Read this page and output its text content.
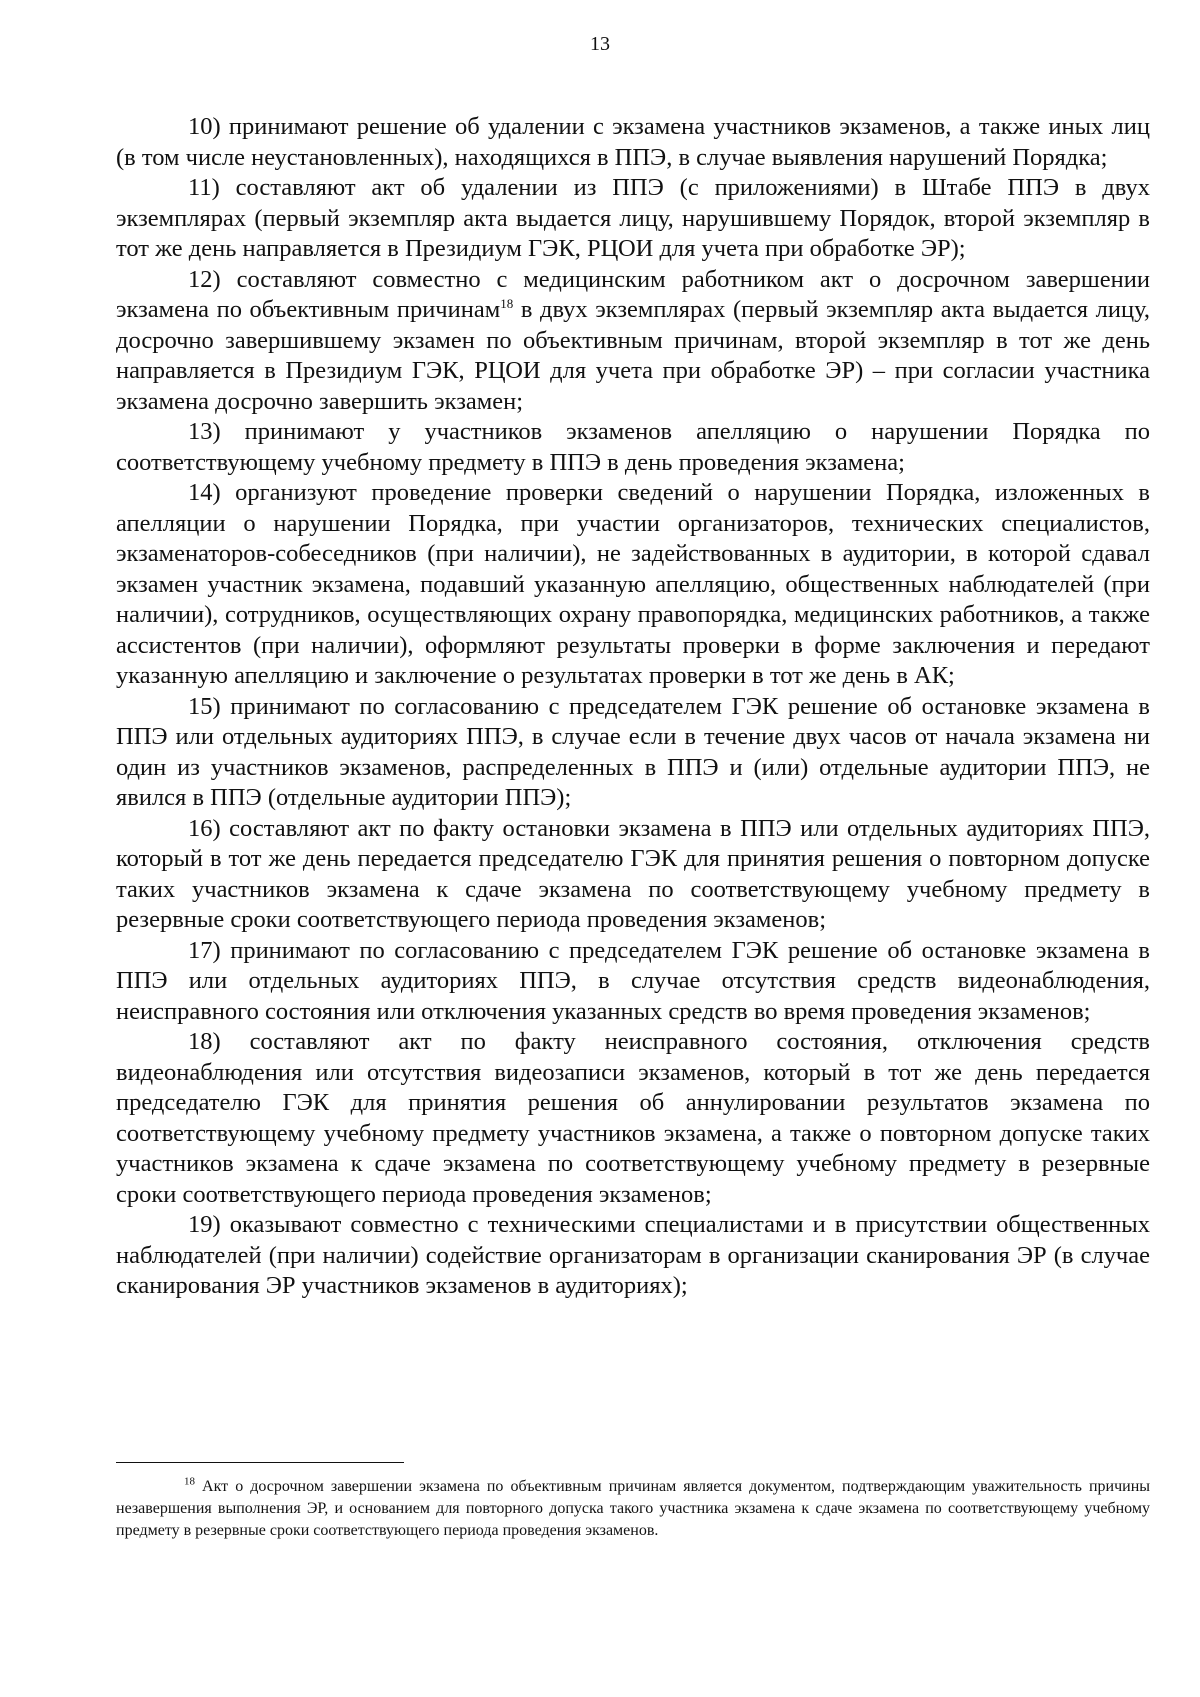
13

10) принимают решение об удалении с экзамена участников экзаменов, а также иных лиц (в том числе неустановленных), находящихся в ППЭ, в случае выявления нарушений Порядка;

11) составляют акт об удалении из ППЭ (с приложениями) в Штабе ППЭ в двух экземплярах (первый экземпляр акта выдается лицу, нарушившему Порядок, второй экземпляр в тот же день направляется в Президиум ГЭК, РЦОИ для учета при обработке ЭР);

12) составляют совместно с медицинским работником акт о досрочном завершении экзамена по объективным причинам$^{18}$ в двух экземплярах (первый экземпляр акта выдается лицу, досрочно завершившему экзамен по объективным причинам, второй экземпляр в тот же день направляется в Президиум ГЭК, РЦОИ для учета при обработке ЭР) – при согласии участника экзамена досрочно завершить экзамен;

13) принимают у участников экзаменов апелляцию о нарушении Порядка по соответствующему учебному предмету в ППЭ в день проведения экзамена;

14) организуют проведение проверки сведений о нарушении Порядка, изложенных в апелляции о нарушении Порядка, при участии организаторов, технических специалистов, экзаменаторов-собеседников (при наличии), не задействованных в аудитории, в которой сдавал экзамен участник экзамена, подавший указанную апелляцию, общественных наблюдателей (при наличии), сотрудников, осуществляющих охрану правопорядка, медицинских работников, а также ассистентов (при наличии), оформляют результаты проверки в форме заключения и передают указанную апелляцию и заключение о результатах проверки в тот же день в АК;

15) принимают по согласованию с председателем ГЭК решение об остановке экзамена в ППЭ или отдельных аудиториях ППЭ, в случае если в течение двух часов от начала экзамена ни один из участников экзаменов, распределенных в ППЭ и (или) отдельные аудитории ППЭ, не явился в ППЭ (отдельные аудитории ППЭ);

16) составляют акт по факту остановки экзамена в ППЭ или отдельных аудиториях ППЭ, который в тот же день передается председателю ГЭК для принятия решения о повторном допуске таких участников экзамена к сдаче экзамена по соответствующему учебному предмету в резервные сроки соответствующего периода проведения экзаменов;

17) принимают по согласованию с председателем ГЭК решение об остановке экзамена в ППЭ или отдельных аудиториях ППЭ, в случае отсутствия средств видеонаблюдения, неисправного состояния или отключения указанных средств во время проведения экзаменов;

18) составляют акт по факту неисправного состояния, отключения средств видеонаблюдения или отсутствия видеозаписи экзаменов, который в тот же день передается председателю ГЭК для принятия решения об аннулировании результатов экзамена по соответствующему учебному предмету участников экзамена, а также о повторном допуске таких участников экзамена к сдаче экзамена по соответствующему учебному предмету в резервные сроки соответствующего периода проведения экзаменов;

19) оказывают совместно с техническими специалистами и в присутствии общественных наблюдателей (при наличии) содействие организаторам в организации сканирования ЭР (в случае сканирования ЭР участников экзаменов в аудиториях);

$^{18}$ Акт о досрочном завершении экзамена по объективным причинам является документом, подтверждающим уважительность причины незавершения выполнения ЭР, и основанием для повторного допуска такого участника экзамена к сдаче экзамена по соответствующему учебному предмету в резервные сроки соответствующего периода проведения экзаменов.
